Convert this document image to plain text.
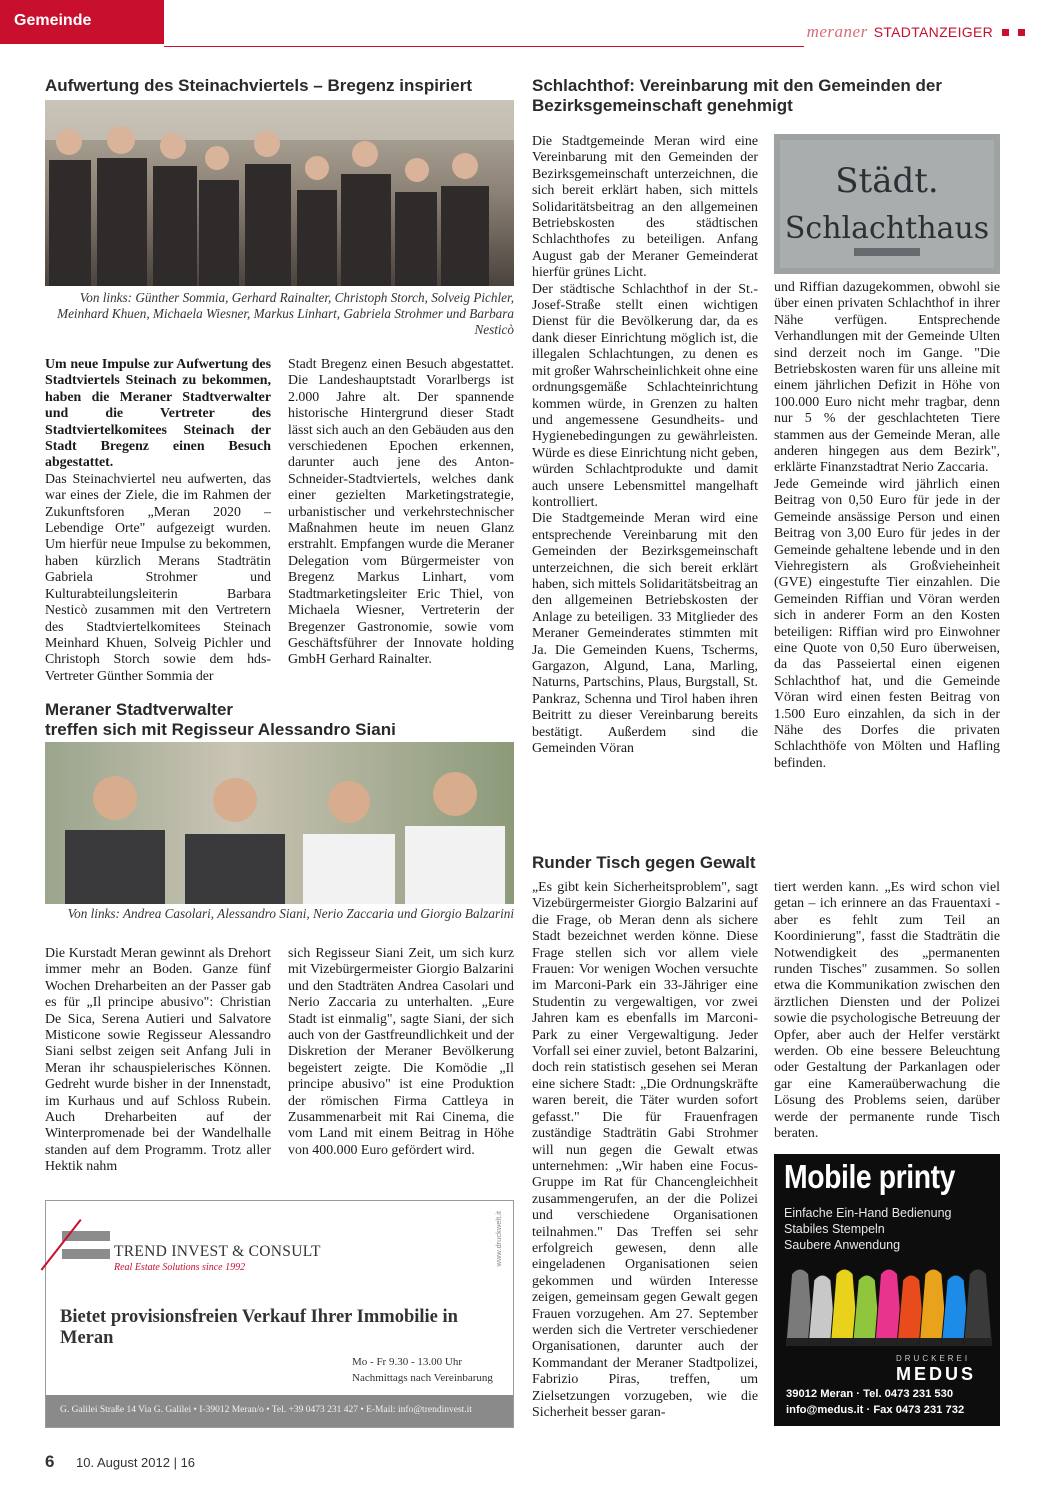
Gemeinde
meraner STADTANZEIGER
Aufwertung des Steinachviertels – Bregenz inspiriert
Von links: Günther Sommia, Gerhard Rainalter, Christoph Storch, Solveig Pichler, Meinhard Khuen, Michaela Wiesner, Markus Linhart, Gabriela Strohmer und Barbara Nesticò

Um neue Impulse zur Aufwertung des Stadtviertels Steinach zu bekommen, haben die Meraner Stadtverwalter und die Vertreter des Stadtviertelkomitees Steinach der Stadt Bregenz einen Besuch abgestattet.

Das Steinachviertel neu aufwerten, das war eines der Ziele, die im Rahmen der Zukunftsforen „Meran 2020 – Lebendige Orte" aufgezeigt wurden. Um hierfür neue Impulse zu bekommen, haben kürzlich Merans Stadträtin Gabriela Strohmer und Kulturabteilungsleiterin Barbara Nesticò zusammen mit den Vertretern des Stadtviertelkomitees Steinach Meinhard Khuen, Solveig Pichler und Christoph Storch sowie dem hds-Vertreter Günther Sommia der

Stadt Bregenz einen Besuch abgestattet. Die Landeshauptstadt Vorarlbergs ist 2.000 Jahre alt. Der spannende historische Hintergrund dieser Stadt lässt sich auch an den Gebäuden aus den verschiedenen Epochen erkennen, darunter auch jene des Anton-Schneider-Stadtviertels, welches dank einer gezielten Marketingstrategie, urbanistischer und verkehrstechnischer Maßnahmen heute im neuen Glanz erstrahlt. Empfangen wurde die Meraner Delegation vom Bürgermeister von Bregenz Markus Linhart, vom Stadtmarketingsleiter Eric Thiel, von Michaela Wiesner, Vertreterin der Bregenzer Gastronomie, sowie vom Geschäftsführer der Innovate holding GmbH Gerhard Rainalter.

Meraner Stadtverwalter
treffen sich mit Regisseur Alessandro Siani
Von links: Andrea Casolari, Alessandro Siani, Nerio Zaccaria und Giorgio Balzarini

Die Kurstadt Meran gewinnt als Drehort immer mehr an Boden. Ganze fünf Wochen Dreharbeiten an der Passer gab es für „Il principe abusivo": Christian De Sica, Serena Autieri und Salvatore Misticone sowie Regisseur Alessandro Siani selbst zeigen seit Anfang Juli in Meran ihr schauspielerisches Können. Gedreht wurde bisher in der Innenstadt, im Kurhaus und auf Schloss Rubein. Auch Dreharbeiten auf der Winterpromenade bei der Wandelhalle standen auf dem Programm. Trotz aller Hektik nahm

sich Regisseur Siani Zeit, um sich kurz mit Vizebürgermeister Giorgio Balzarini und den Stadträten Andrea Casolari und Nerio Zaccaria zu unterhalten. „Eure Stadt ist einmalig", sagte Siani, der sich auch von der Gastfreundlichkeit und der Diskretion der Meraner Bevölkerung begeistert zeigte. Die Komödie „Il principe abusivo" ist eine Produktion der römischen Firma Cattleya in Zusammenarbeit mit Rai Cinema, die vom Land mit einem Beitrag in Höhe von 400.000 Euro gefördert wird.

TREND INVEST & CONSULT
Real Estate Solutions since 1992
www.druckwelt.it
Bietet provisionsfreien Verkauf Ihrer Immobilie in Meran
Mo - Fr 9.30 - 13.00 Uhr
Nachmittags nach Vereinbarung
G. Galilei Straße 14 Via G. Galilei • I-39012 Meran/o • Tel. +39 0473 231 427 • E-Mail: info@trendinvest.it
Schlachthof: Vereinbarung mit den Gemeinden der
Bezirksgemeinschaft genehmigt
Städt.
Schlachthaus

Die Stadtgemeinde Meran wird eine Vereinbarung mit den Gemeinden der Bezirksgemeinschaft unterzeichnen, die sich bereit erklärt haben, sich mittels Solidaritätsbeitrag an den allgemeinen Betriebskosten des städtischen Schlachthofes zu beteiligen. Anfang August gab der Meraner Gemeinderat hierfür grünes Licht.

Der städtische Schlachthof in der St.-Josef-Straße stellt einen wichtigen Dienst für die Bevölkerung dar, da es dank dieser Einrichtung möglich ist, die illegalen Schlachtungen, zu denen es mit großer Wahrscheinlichkeit ohne eine ordnungsgemäße Schlachteinrichtung kommen würde, in Grenzen zu halten und angemessene Gesundheits- und Hygienebedingungen zu gewährleisten. Würde es diese Einrichtung nicht geben, würden Schlachtprodukte und damit auch unsere Lebensmittel mangelhaft kontrolliert.

Die Stadtgemeinde Meran wird eine entsprechende Vereinbarung mit den Gemeinden der Bezirksgemeinschaft unterzeichnen, die sich bereit erklärt haben, sich mittels Solidaritätsbeitrag an den allgemeinen Betriebskosten der Anlage zu beteiligen. 33 Mitglieder des Meraner Gemeinderates stimmten mit Ja. Die Gemeinden Kuens, Tscherms, Gargazon, Algund, Lana, Marling, Naturns, Partschins, Plaus, Burgstall, St. Pankraz, Schenna und Tirol haben ihren Beitritt zu dieser Vereinbarung bereits bestätigt. Außerdem sind die Gemeinden Vöran

und Riffian dazugekommen, obwohl sie über einen privaten Schlachthof in ihrer Nähe verfügen. Entsprechende Verhandlungen mit der Gemeinde Ulten sind derzeit noch im Gange. "Die Betriebskosten waren für uns alleine mit einem jährlichen Defizit in Höhe von 100.000 Euro nicht mehr tragbar, denn nur 5 % der geschlachteten Tiere stammen aus der Gemeinde Meran, alle anderen hingegen aus dem Bezirk", erklärte Finanzstadtrat Nerio Zaccaria.

Jede Gemeinde wird jährlich einen Beitrag von 0,50 Euro für jede in der Gemeinde ansässige Person und einen Beitrag von 3,00 Euro für jedes in der Gemeinde gehaltene lebende und in den Viehregistern als Großvieheinheit (GVE) eingestufte Tier einzahlen. Die Gemeinden Riffian und Vöran werden sich in anderer Form an den Kosten beteiligen: Riffian wird pro Einwohner eine Quote von 0,50 Euro überweisen, da das Passeiertal einen eigenen Schlachthof hat, und die Gemeinde Vöran wird einen festen Beitrag von 1.500 Euro einzahlen, da sich in der Nähe des Dorfes die privaten Schlachthöfe von Mölten und Hafling befinden.

Runder Tisch gegen Gewalt

„Es gibt kein Sicherheitsproblem", sagt Vizebürgermeister Giorgio Balzarini auf die Frage, ob Meran denn als sichere Stadt bezeichnet werden könne. Diese Frage stellen sich vor allem viele Frauen: Vor wenigen Wochen versuchte im Marconi-Park ein 33-Jähriger eine Studentin zu vergewaltigen, vor zwei Jahren kam es ebenfalls im Marconi-Park zu einer Vergewaltigung. Jeder Vorfall sei einer zuviel, betont Balzarini, doch rein statistisch gesehen sei Meran eine sichere Stadt: „Die Ordnungskräfte waren bereit, die Täter wurden sofort gefasst." Die für Frauenfragen zuständige Stadträtin Gabi Strohmer will nun gegen die Gewalt etwas unternehmen: „Wir haben eine Focus-Gruppe im Rat für Chancengleichheit zusammengerufen, an der die Polizei und verschiedene Organisationen teilnahmen." Das Treffen sei sehr erfolgreich gewesen, denn alle eingeladenen Organisationen seien gekommen und würden Interesse zeigen, gemeinsam gegen Gewalt gegen Frauen vorzugehen. Am 27. September werden sich die Vertreter verschiedener Organisationen, darunter auch der Kommandant der Meraner Stadtpolizei, Fabrizio Piras, treffen, um Zielsetzungen vorzugeben, wie die Sicherheit besser garan-

tiert werden kann. „Es wird schon viel getan – ich erinnere an das Frauentaxi - aber es fehlt zum Teil an Koordinierung", fasst die Stadträtin die Notwendigkeit des „permanenten runden Tisches" zusammen. So sollen etwa die Kommunikation zwischen den ärztlichen Diensten und der Polizei sowie die psychologische Betreuung der Opfer, aber auch der Helfer verstärkt werden. Ob eine bessere Beleuchtung oder Gestaltung der Parkanlagen oder gar eine Kameraüberwachung die Lösung des Problems seien, darüber werde der permanente runde Tisch beraten.

Mobile printy
Einfache Ein-Hand Bedienung
Stabiles Stempeln
Saubere Anwendung
DRUCKEREI
MEDUS
39012 Meran · Tel. 0473 231 530
info@medus.it · Fax 0473 231 732
6 10. August 2012 | 16
